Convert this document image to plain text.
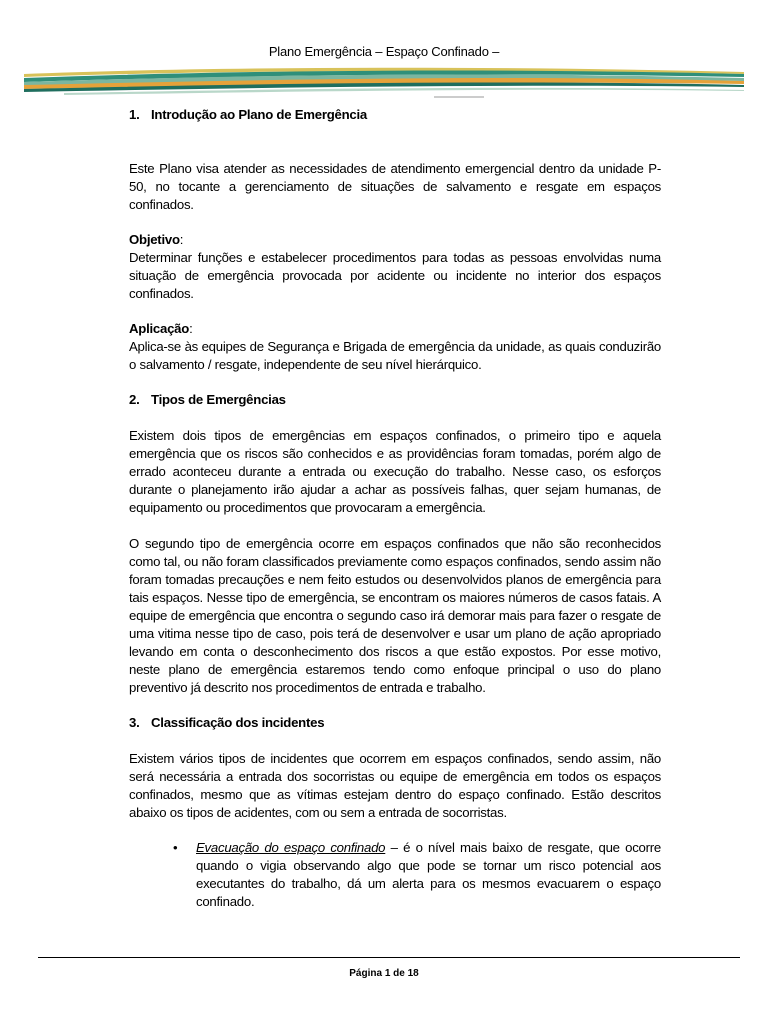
Plano Emergência – Espaço Confinado –

1. Introdução ao Plano de Emergência

Este Plano visa atender as necessidades de atendimento emergencial dentro da unidade P-50, no tocante a gerenciamento de situações de salvamento e resgate em espaços confinados.

Objetivo:

Determinar funções e estabelecer procedimentos para todas as pessoas envolvidas numa situação de emergência provocada por acidente ou incidente no interior dos espaços confinados.

Aplicação:

Aplica-se às equipes de Segurança e Brigada de emergência da unidade, as quais conduzirão o salvamento / resgate, independente de seu nível hierárquico.

2. Tipos de Emergências

Existem dois tipos de emergências em espaços confinados, o primeiro tipo e aquela emergência que os riscos são conhecidos e as providências foram tomadas, porém algo de errado aconteceu durante a entrada ou execução do trabalho. Nesse caso, os esforços durante o planejamento irão ajudar a achar as possíveis falhas, quer sejam humanas, de equipamento ou procedimentos que provocaram a emergência.

O segundo tipo de emergência ocorre em espaços confinados que não são reconhecidos como tal, ou não foram classificados previamente como espaços confinados, sendo assim não foram tomadas precauções e nem feito estudos ou desenvolvidos planos de emergência para tais espaços. Nesse tipo de emergência, se encontram os maiores números de casos fatais. A equipe de emergência que encontra o segundo caso irá demorar mais para fazer o resgate de uma vitima nesse tipo de caso, pois terá de desenvolver e usar um plano de ação apropriado levando em conta o desconhecimento dos riscos a que estão expostos. Por esse motivo, neste plano de emergência estaremos tendo como enfoque principal o uso do plano preventivo já descrito nos procedimentos de entrada e trabalho.

3. Classificação dos incidentes

Existem vários tipos de incidentes que ocorrem em espaços confinados, sendo assim, não será necessária a entrada dos socorristas ou equipe de emergência em todos os espaços confinados, mesmo que as vítimas estejam dentro do espaço confinado. Estão descritos abaixo os tipos de acidentes, com ou sem a entrada de socorristas.

• Evacuação do espaço confinado – é o nível mais baixo de resgate, que ocorre quando o vigia observando algo que pode se tornar um risco potencial aos executantes do trabalho, dá um alerta para os mesmos evacuarem o espaço confinado.
Página 1 de 18
